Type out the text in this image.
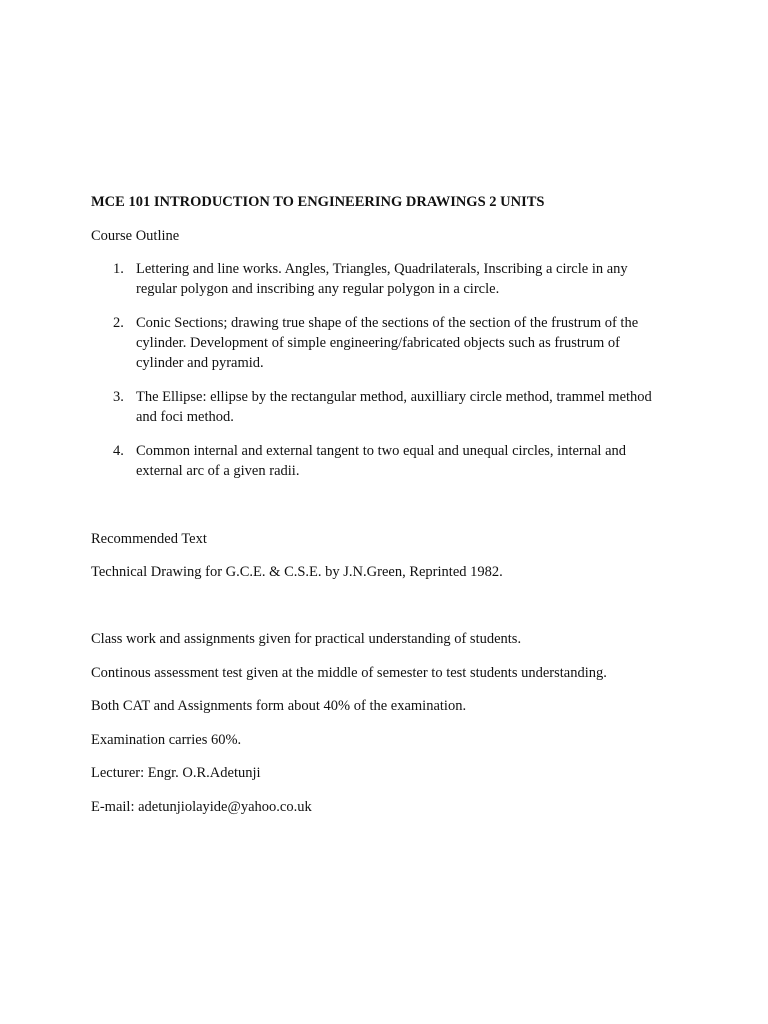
MCE 101 INTRODUCTION TO ENGINEERING DRAWINGS 2 UNITS
Course Outline
1. Lettering and line works. Angles, Triangles, Quadrilaterals, Inscribing a circle in any
regular polygon and inscribing any regular polygon in a circle.
2. Conic Sections; drawing true shape of the sections of the section of the frustrum of the
cylinder. Development of simple engineering/fabricated objects such as frustrum of
cylinder and pyramid.
3. The Ellipse: ellipse by the rectangular method, auxilliary circle method, trammel method
and foci method.
4. Common internal and external tangent to two equal and unequal circles, internal and
external arc of a given radii.
Recommended Text
Technical Drawing for G.C.E. & C.S.E. by J.N.Green, Reprinted 1982.
Class work and assignments given for practical understanding of students.
Continous assessment test given at the middle of semester to test students understanding.
Both CAT and Assignments form about 40% of the examination.
Examination carries 60%.
Lecturer: Engr. O.R.Adetunji
E-mail: adetunjiolayide@yahoo.co.uk
